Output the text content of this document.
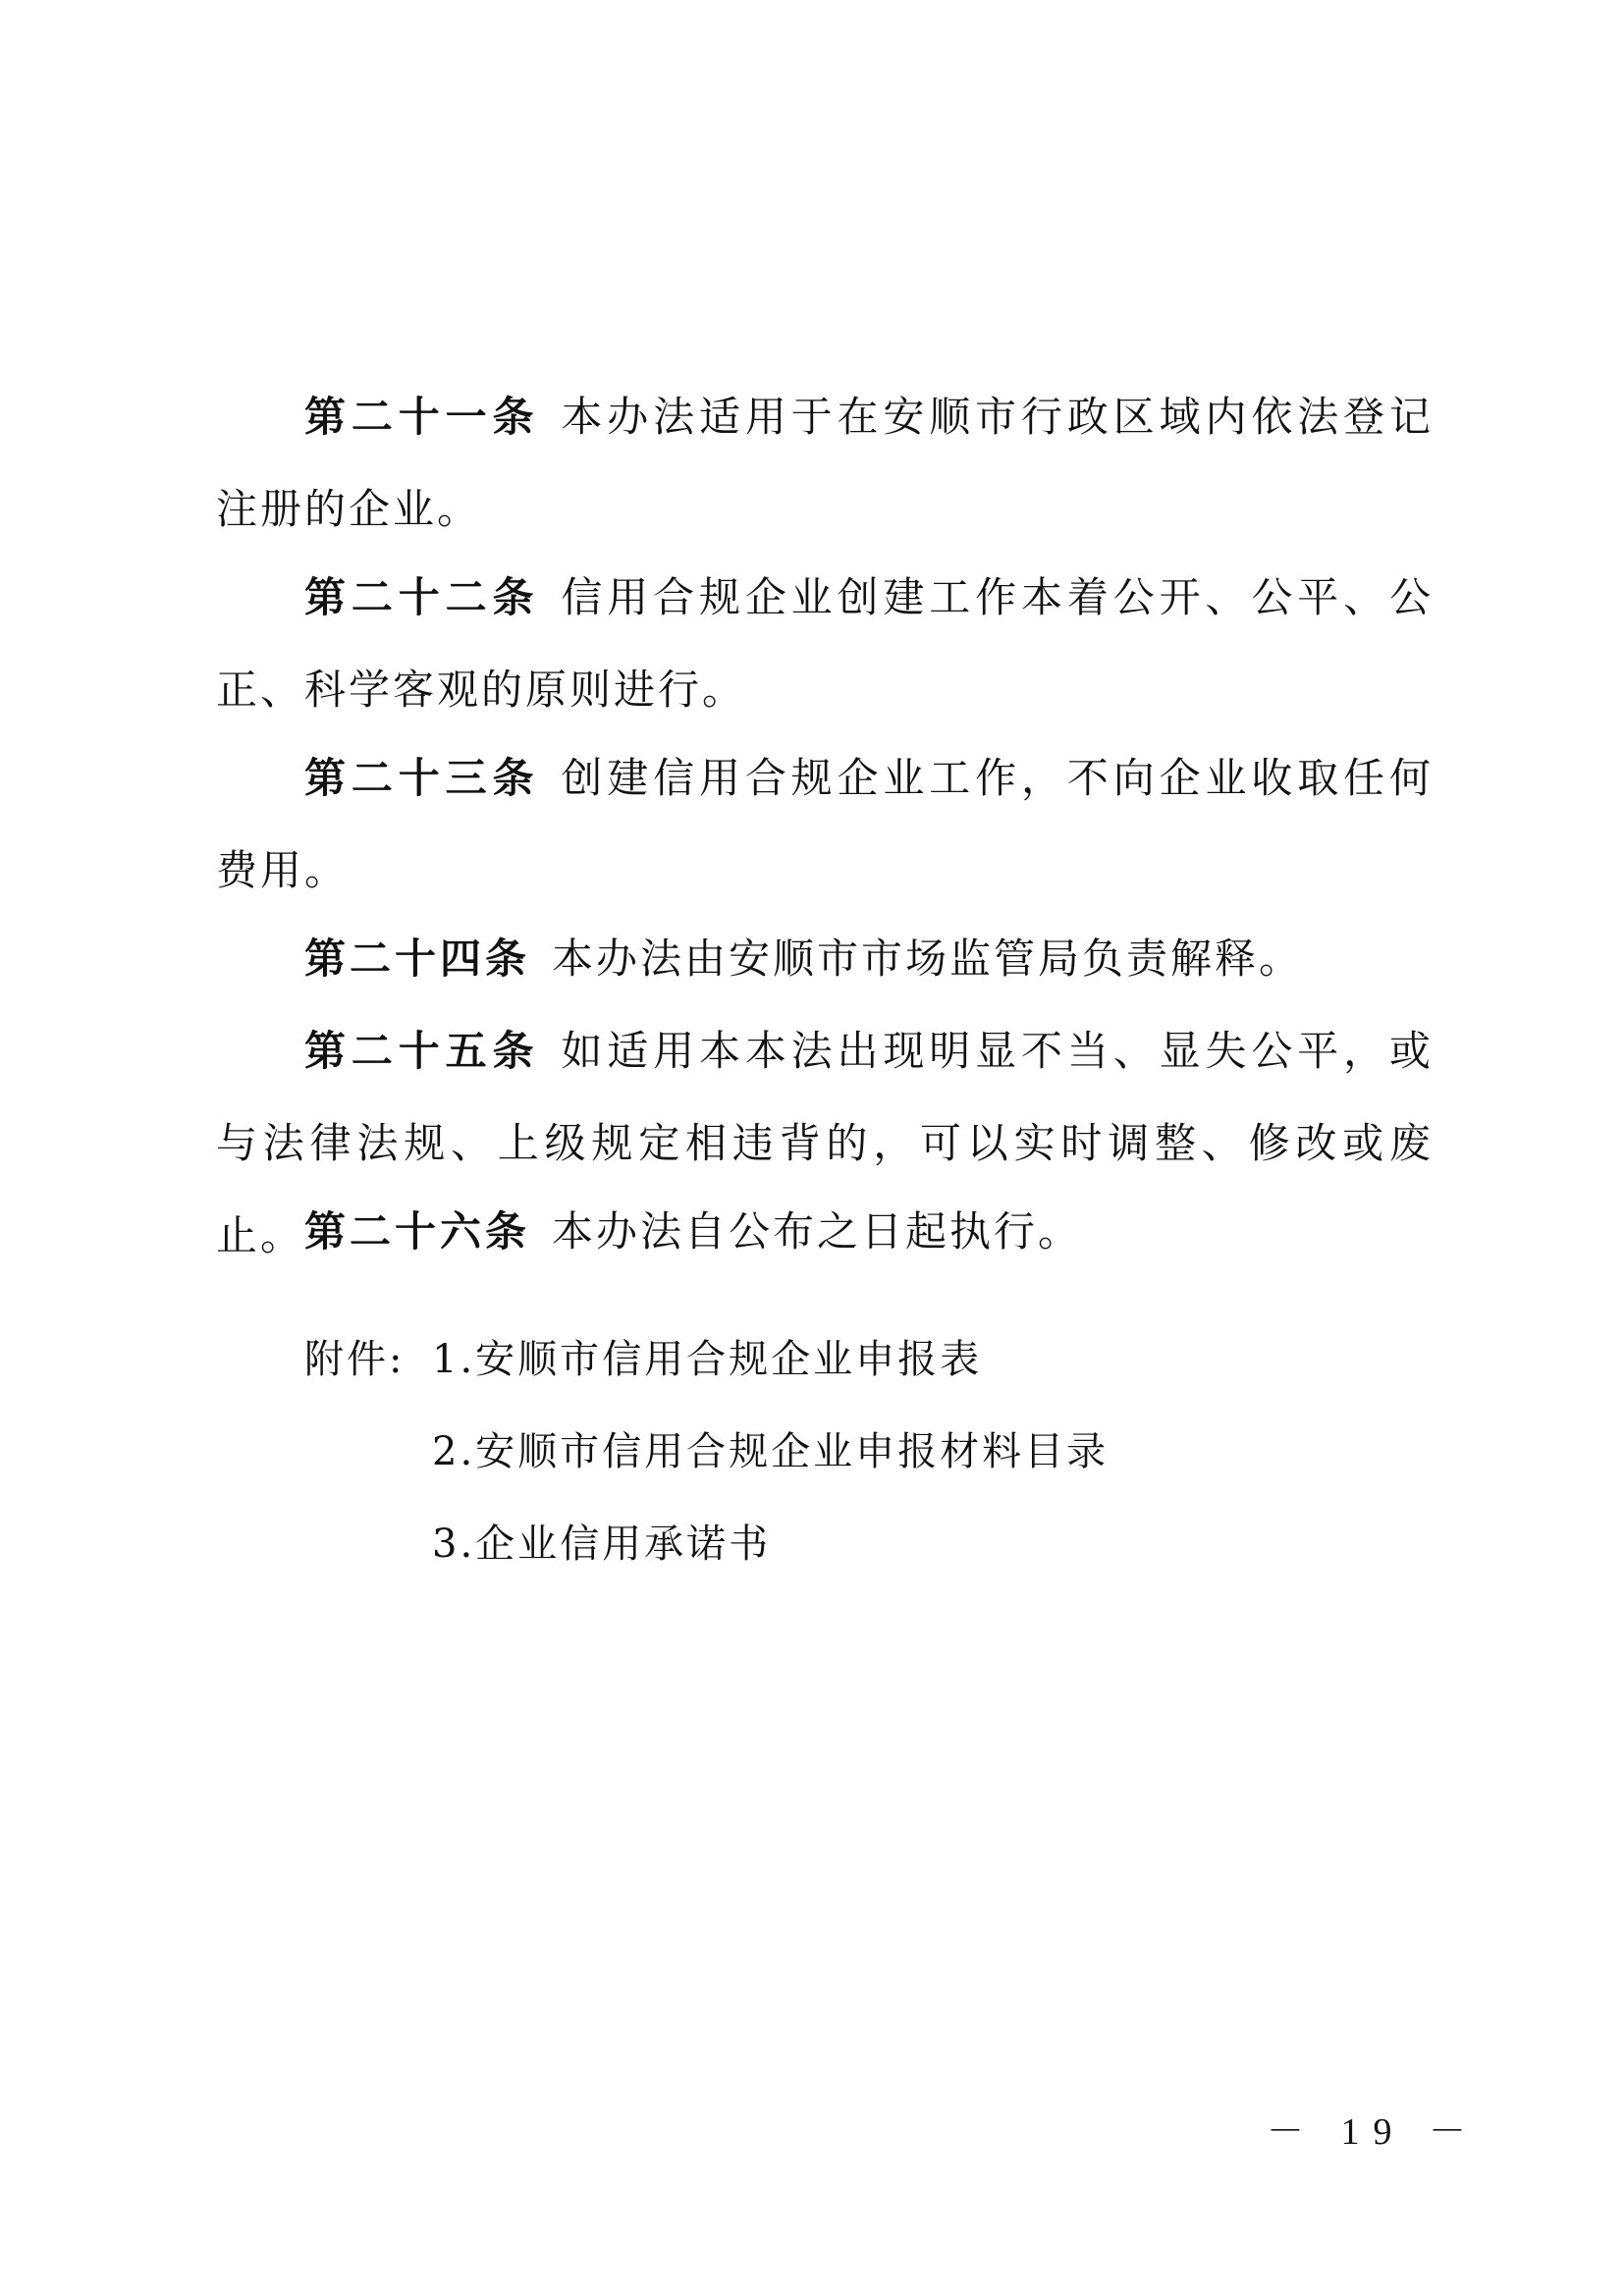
第二十一条 本办法适用于在安顺市行政区域内依法登记注册的企业。

第二十二条 信用合规企业创建工作本着公开、公平、公正、科学客观的原则进行。

第二十三条 创建信用合规企业工作，不向企业收取任何费用。

第二十四条 本办法由安顺市市场监管局负责解释。

第二十五条 如适用本本法出现明显不当、显失公平，或与法律法规、上级规定相违背的，可以实时调整、修改或废止。 第二十六条 本办法自公布之日起执行。

附件: 1.安顺市信用合规企业申报表

2.安顺市信用合规企业申报材料目录

3.企业信用承诺书

－ 19 －
